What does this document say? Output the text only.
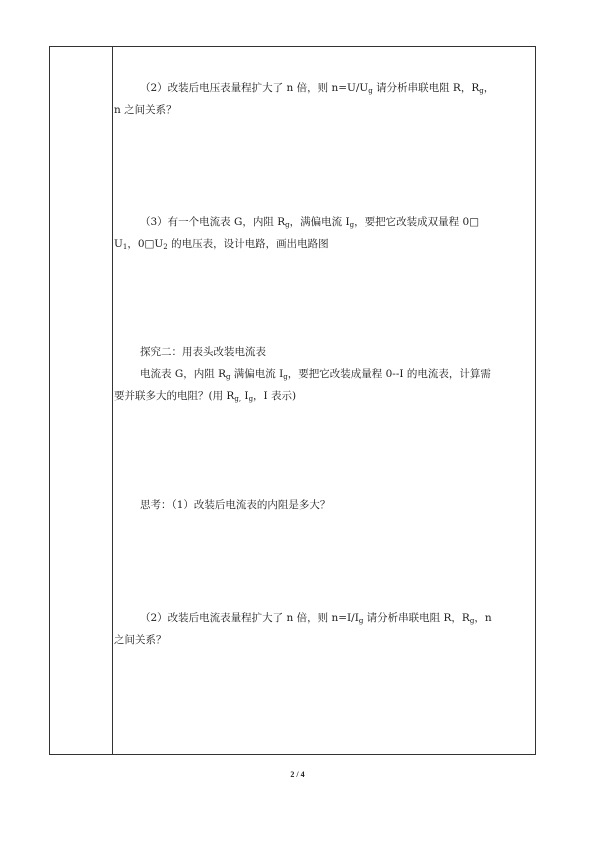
（2）改装后电压表量程扩大了 n 倍，则 $n=U/U_g$ 请分析串联电阻 R，$R_g$，

n 之间关系？

（3）有一个电流表 G，内阻 $R_g$，满偏电流 $I_g$，要把它改装成双量程 0□

$U_1$，$0□U_2$ 的电压表，设计电路，画出电路图

探究二：用表头改装电流表

电流表 G，内阻 $R_g$ 满偏电流 $I_g$，要把它改装成量程 0--I 的电流表，计算需

要并联多大的电阻？(用 $R_{g,}$ $I_g$，I 表示)

思考：（1）改装后电流表的内阻是多大？

（2）改装后电流表量程扩大了 n 倍，则 $n=I/I_g$ 请分析串联电阻 R，$R_g$，n

之间关系？

2 / 4
